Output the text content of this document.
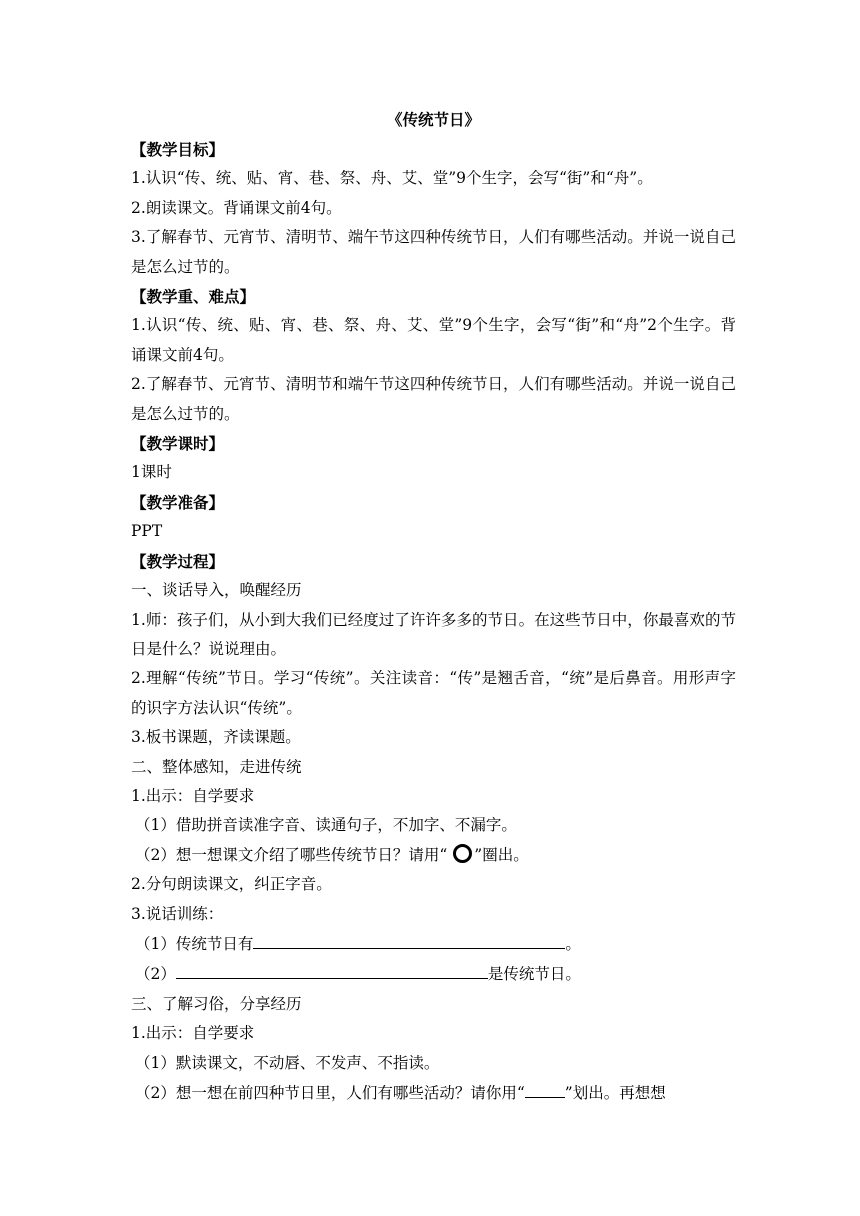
《传统节日》
【教学目标】
1.认识“传、统、贴、宵、巷、祭、舟、艾、堂”9个生字，会写“街”和“舟”。
2.朗读课文。背诵课文前4句。
3.了解春节、元宵节、清明节、端午节这四种传统节日，人们有哪些活动。并说一说自己是怎么过节的。
【教学重、难点】
1.认识“传、统、贴、宵、巷、祭、舟、艾、堂”9个生字，会写“街”和“舟”2个生字。背诵课文前4句。
2.了解春节、元宵节、清明节和端午节这四种传统节日，人们有哪些活动。并说一说自己是怎么过节的。
【教学课时】
1课时
【教学准备】
PPT
【教学过程】
一、谈话导入，唤醒经历
1.师：孩子们，从小到大我们已经度过了许许多多的节日。在这些节日中，你最喜欢的节日是什么？说说理由。
2.理解“传统”节日。学习“传统”。关注读音：“传”是翘舌音，“统”是后鼻音。用形声字的识字方法认识“传统”。
3.板书课题，齐读课题。
二、整体感知，走进传统
1.出示：自学要求
（1）借助拼音读准字音、读通句子，不加字、不漏字。
（2）想一想课文介绍了哪些传统节日？请用“ ○ ”圈出。
2.分句朗读课文，纠正字音。
3.说话训练：
（1）传统节日有	。
（2）	是传统节日。
三、了解习俗，分享经历
1.出示：自学要求
（1）默读课文，不动唇、不发声、不指读。
（2）想一想在前四种节日里，人们有哪些活动？请你用“	”划出。再想想
